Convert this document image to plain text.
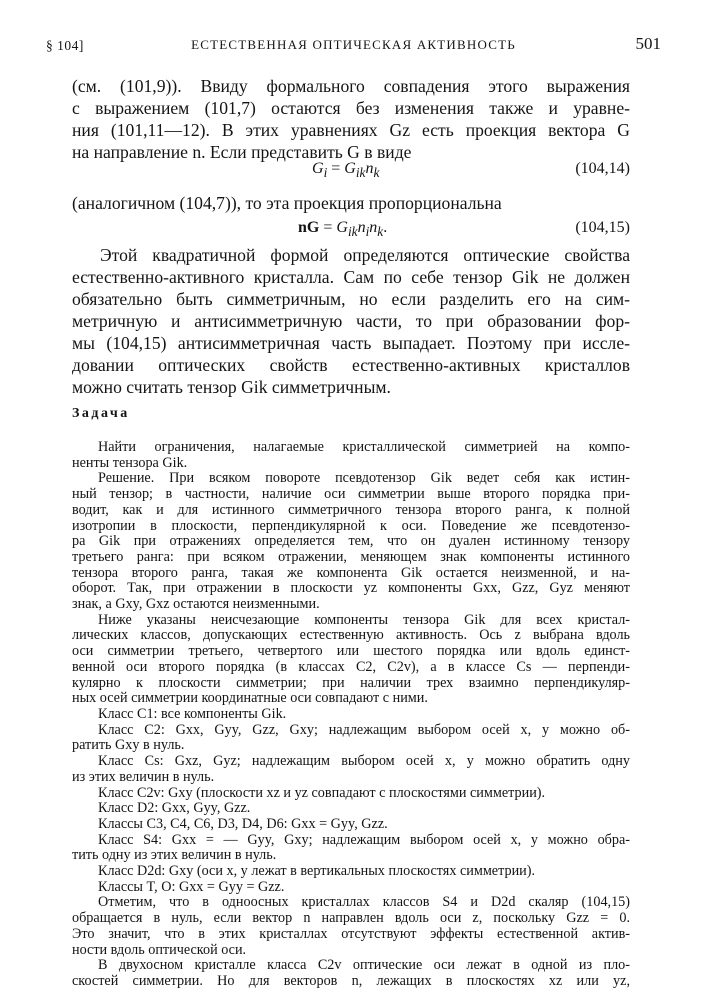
§ 104]	ЕСТЕСТВЕННАЯ ОПТИЧЕСКАЯ АКТИВНОСТЬ	501
(см. (101,9)). Ввиду формального совпадения этого выражения
с выражением (101,7) остаются без изменения также и уравне-
ния (101,11—12). В этих уравнениях Gz есть проекция вектора G
на направление n. Если представить G в виде
(аналогичном (104,7)), то эта проекция пропорциональна
Этой квадратичной формой определяются оптические свойства
естественно-активного кристалла. Сам по себе тензор Gik не должен
обязательно быть симметричным, но если разделить его на сим-
метричную и антисимметричную части, то при образовании фор-
мы (104,15) антисимметричная часть выпадает. Поэтому при иссле-
довании оптических свойств естественно-активных кристаллов
можно считать тензор Gik симметричным.
$G_i = G_{ik}n_k$	(104,14)
nG = $G_{ik}n_in_k$.	(104,15)
Задача
Найти ограничения, налагаемые кристаллической симметрией на компо-
ненты тензора Gik.
Решение. При всяком повороте псевдотензор Gik ведет себя как истин-
ный тензор; в частности, наличие оси симметрии выше второго порядка при-
водит, как и для истинного симметричного тензора второго ранга, к полной
изотропии в плоскости, перпендикулярной к оси. Поведение же псевдотензо-
ра Gik при отражениях определяется тем, что он дуален истинному тензору
третьего ранга: при всяком отражении, меняющем знак компоненты истинного
тензора второго ранга, такая же компонента Gik остается неизменной, и на-
оборот. Так, при отражении в плоскости yz компоненты Gxx, Gzz, Gyz меняют
знак, а Gxy, Gxz остаются неизменными.
Ниже указаны неисчезающие компоненты тензора Gik для всех кристал-
лических классов, допускающих естественную активность. Ось z выбрана вдоль
оси симметрии третьего, четвертого или шестого порядка или вдоль единст-
венной оси второго порядка (в классах C2, C2v), а в классе Cs — перпенди-
кулярно к плоскости симметрии; при наличии трех взаимно перпендикуляр-
ных осей симметрии координатные оси совпадают с ними.
Класс C1: все компоненты Gik.
Класс C2: Gxx, Gyy, Gzz, Gxy; надлежащим выбором осей x, y можно об-
ратить Gxy в нуль.
Класс Cs: Gxz, Gyz; надлежащим выбором осей x, y можно обратить одну
из этих величин в нуль.
Класс C2v: Gxy (плоскости xz и yz совпадают с плоскостями симметрии).
Класс D2: Gxx, Gyy, Gzz.
Классы C3, C4, C6, D3, D4, D6: Gxx = Gyy, Gzz.
Класс S4: Gxx = — Gyy, Gxy; надлежащим выбором осей x, y можно обра-
тить одну из этих величин в нуль.
Класс D2d: Gxy (оси x, y лежат в вертикальных плоскостях симметрии).
Классы T, O: Gxx = Gyy = Gzz.
Отметим, что в одноосных кристаллах классов S4 и D2d скаляр (104,15)
обращается в нуль, если вектор n направлен вдоль оси z, поскольку Gzz = 0.
Это значит, что в этих кристаллах отсутствуют эффекты естественной актив-
ности вдоль оптической оси.
В двухосном кристалле класса C2v оптические оси лежат в одной из пло-
скостей симметрии. Но для векторов n, лежащих в плоскостях xz или yz,
